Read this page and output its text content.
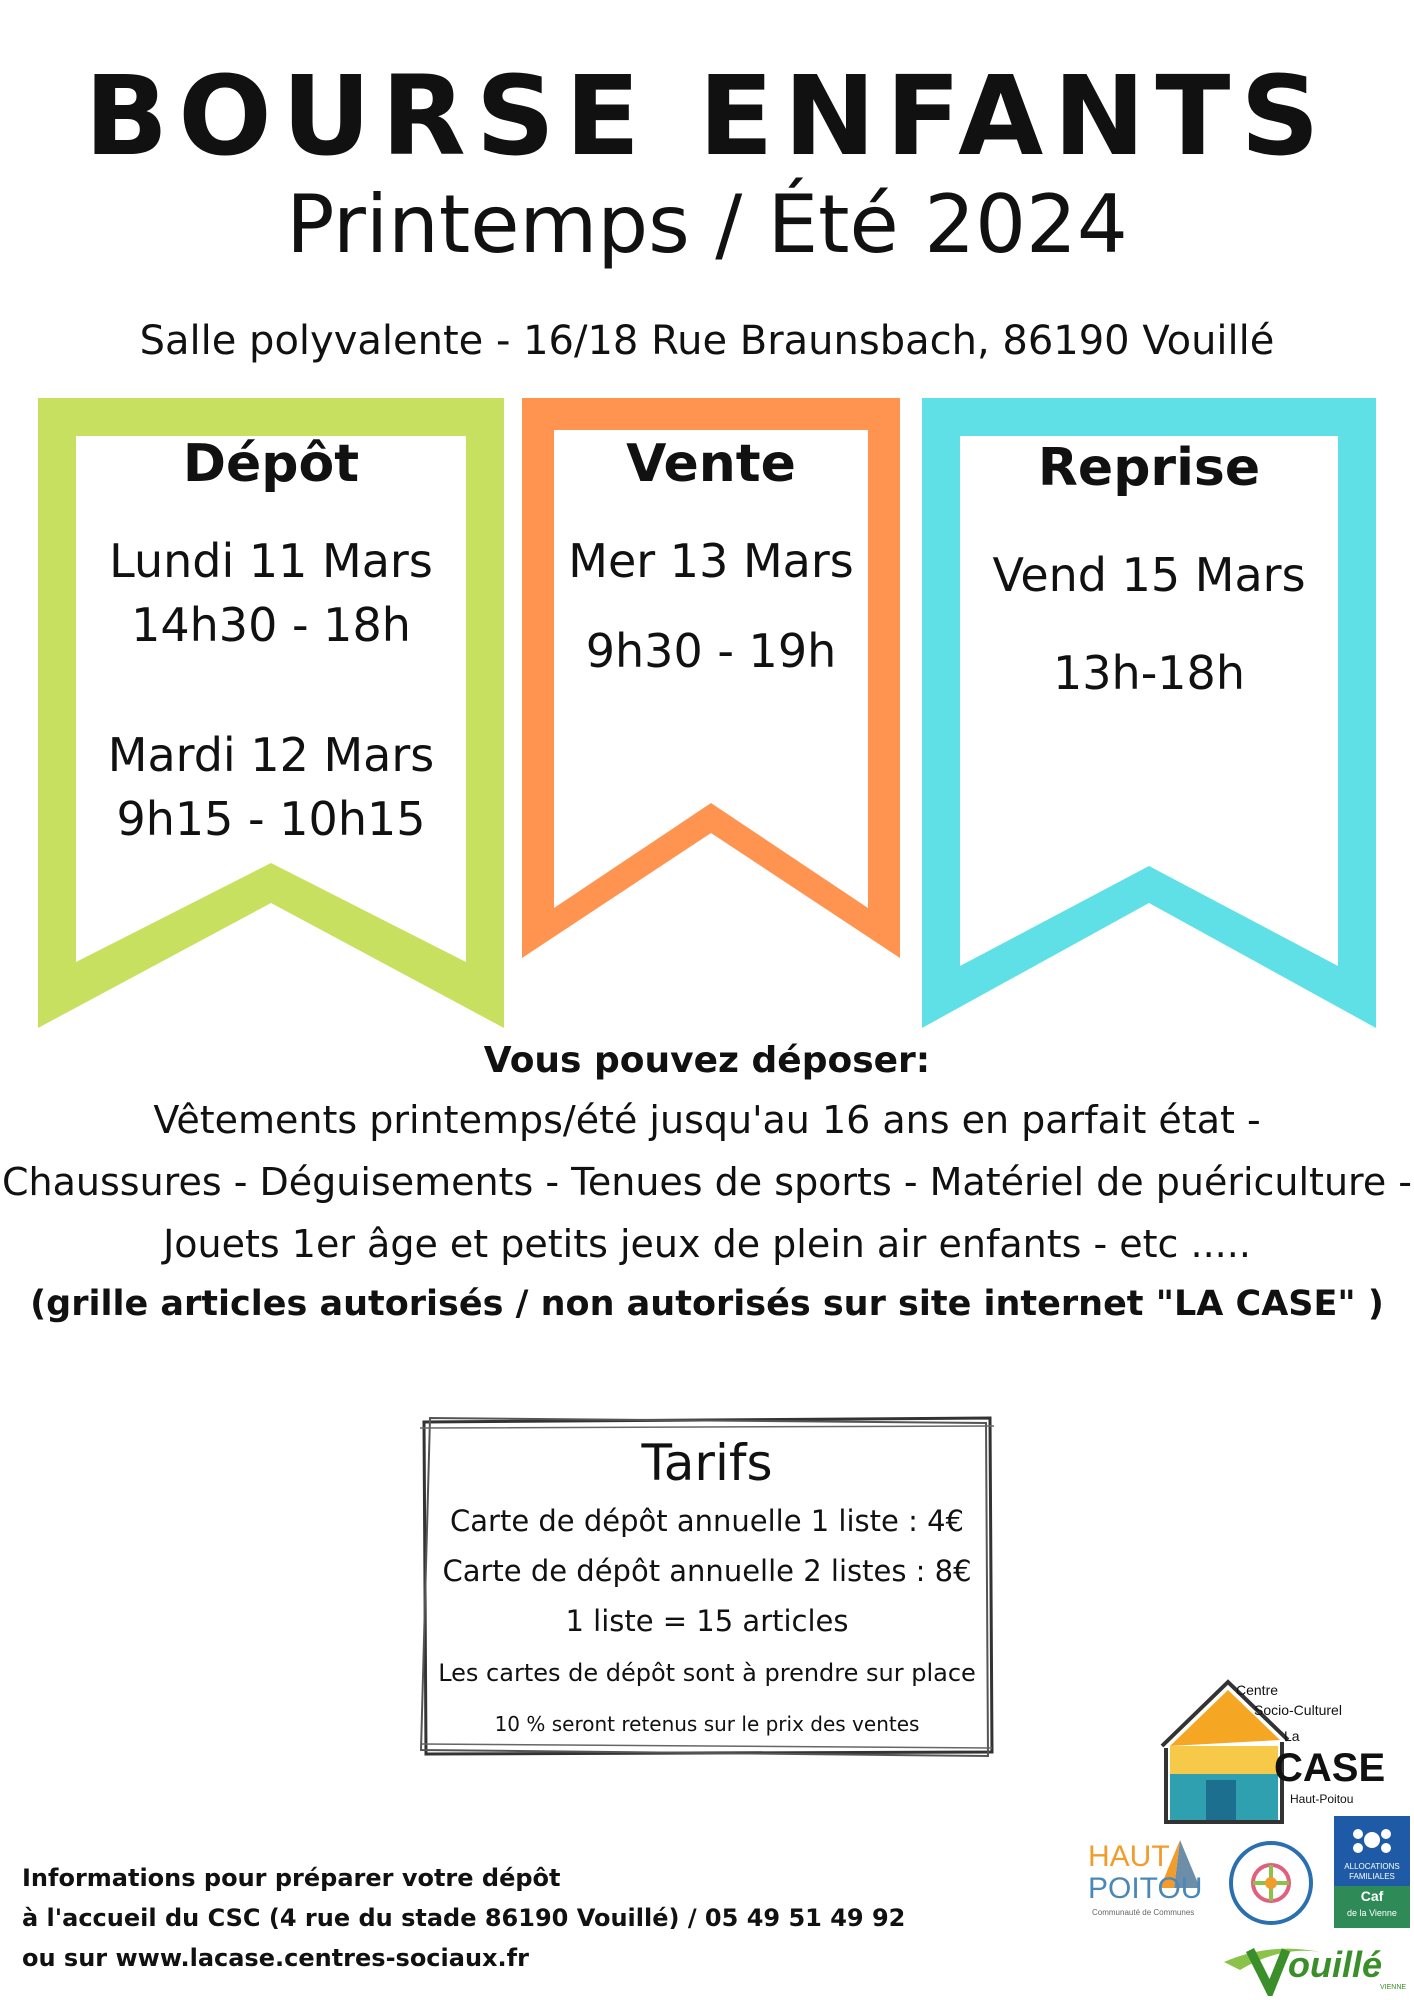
BOURSE ENFANTS
Printemps / Été 2024
Salle polyvalente - 16/18 Rue Braunsbach, 86190 Vouillé
Dépôt
Lundi 11 Mars
14h30 - 18h
Mardi 12 Mars
9h15 - 10h15
Vente
Mer 13 Mars
9h30 - 19h
Reprise
Vend 15 Mars
13h-18h
Vous pouvez déposer:
Vêtements printemps/été jusqu'au 16 ans en parfait état -
Chaussures - Déguisements - Tenues de sports - Matériel de puériculture -
Jouets 1er âge et petits jeux de plein air enfants - etc .....
(grille articles autorisés / non autorisés sur site internet "LA CASE" )
Tarifs
Carte de dépôt annuelle 1 liste : 4€
Carte de dépôt annuelle 2 listes : 8€
1 liste = 15 articles
Les cartes de dépôt sont à prendre sur place
10 % seront retenus sur le prix des ventes
Informations pour préparer votre dépôt
à l'accueil du CSC (4 rue du stade 86190 Vouillé) / 05 49 51 49 92
ou sur www.lacase.centres-sociaux.fr
Centre
Socio-Culturel
La
CASE
Haut-Poitou
HAUT
POITOU
Communauté de Communes
ALLOCATIONS
FAMILIALES
Caf
de la Vienne
ouillé
VIENNE
